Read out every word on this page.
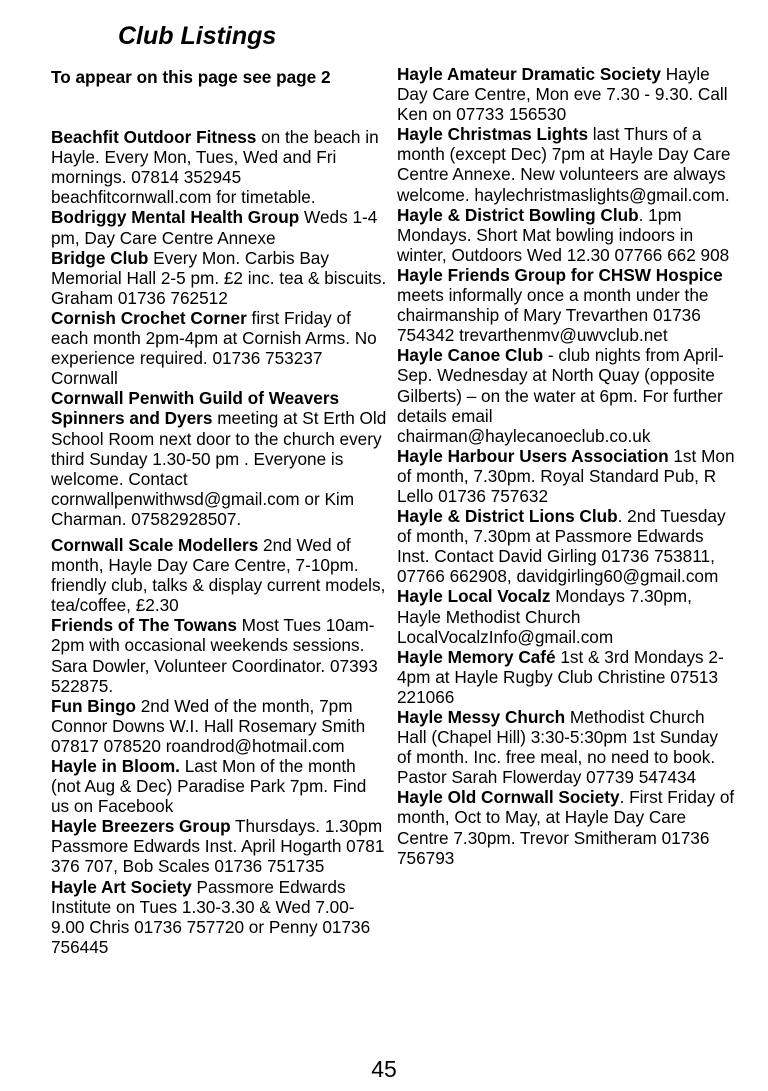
Club Listings
To appear on this page see page 2

Beachfit Outdoor Fitness on the beach in Hayle. Every Mon, Tues, Wed and Fri mornings. 07814 352945 beachfitcornwall.com for timetable.

Bodriggy Mental Health Group Weds 1-4 pm, Day Care Centre Annexe

Bridge Club Every Mon. Carbis Bay Memorial Hall 2-5 pm. £2 inc. tea & biscuits. Graham 01736 762512

Cornish Crochet Corner first Friday of each month 2pm-4pm at Cornish Arms. No experience required. 01736 753237 Cornwall

Cornwall Penwith Guild of Weavers Spinners and Dyers meeting at St Erth Old School Room next door to the church every third Sunday 1.30-50 pm . Everyone is welcome. Contact cornwallpenwithwsd@gmail.com or Kim Charman. 07582928507.

Cornwall Scale Modellers 2nd Wed of month, Hayle Day Care Centre, 7-10pm. friendly club, talks & display current models, tea/coffee, £2.30

Friends of The Towans Most Tues 10am-2pm with occasional weekends sessions. Sara Dowler, Volunteer Coordinator. 07393 522875.

Fun Bingo 2nd Wed of the month, 7pm Connor Downs W.I. Hall Rosemary Smith 07817 078520 roandrod@hotmail.com

Hayle in Bloom. Last Mon of the month (not Aug & Dec) Paradise Park 7pm. Find us on Facebook

Hayle Breezers Group Thursdays. 1.30pm Passmore Edwards Inst. April Hogarth 0781 376 707, Bob Scales 01736 751735

Hayle Art Society Passmore Edwards Institute on Tues 1.30-3.30 & Wed 7.00-9.00 Chris 01736 757720 or Penny 01736 756445

Hayle Amateur Dramatic Society Hayle Day Care Centre, Mon eve 7.30 - 9.30. Call Ken on 07733 156530

Hayle Christmas Lights last Thurs of a month (except Dec) 7pm at Hayle Day Care Centre Annexe. New volunteers are always welcome. haylechristmaslights@gmail.com.

Hayle & District Bowling Club. 1pm Mondays. Short Mat bowling indoors in winter, Outdoors Wed 12.30 07766 662 908

Hayle Friends Group for CHSW Hospice meets informally once a month under the chairmanship of Mary Trevarthen 01736 754342 trevarthenmv@uwvclub.net

Hayle Canoe Club - club nights from April- Sep. Wednesday at North Quay (opposite Gilberts) – on the water at 6pm. For further details email chairman@haylecanoeclub.co.uk

Hayle Harbour Users Association 1st Mon of month, 7.30pm. Royal Standard Pub, R Lello 01736 757632

Hayle & District Lions Club. 2nd Tuesday of month, 7.30pm at Passmore Edwards Inst. Contact David Girling 01736 753811, 07766 662908, davidgirling60@gmail.com

Hayle Local Vocalz Mondays 7.30pm, Hayle Methodist Church LocalVocalzInfo@gmail.com

Hayle Memory Café 1st & 3rd Mondays 2-4pm at Hayle Rugby Club Christine 07513 221066

Hayle Messy Church Methodist Church Hall (Chapel Hill) 3:30-5:30pm 1st Sunday of month. Inc. free meal, no need to book. Pastor Sarah Flowerday 07739 547434

Hayle Old Cornwall Society. First Friday of month, Oct to May, at Hayle Day Care Centre 7.30pm. Trevor Smitheram 01736 756793

45
